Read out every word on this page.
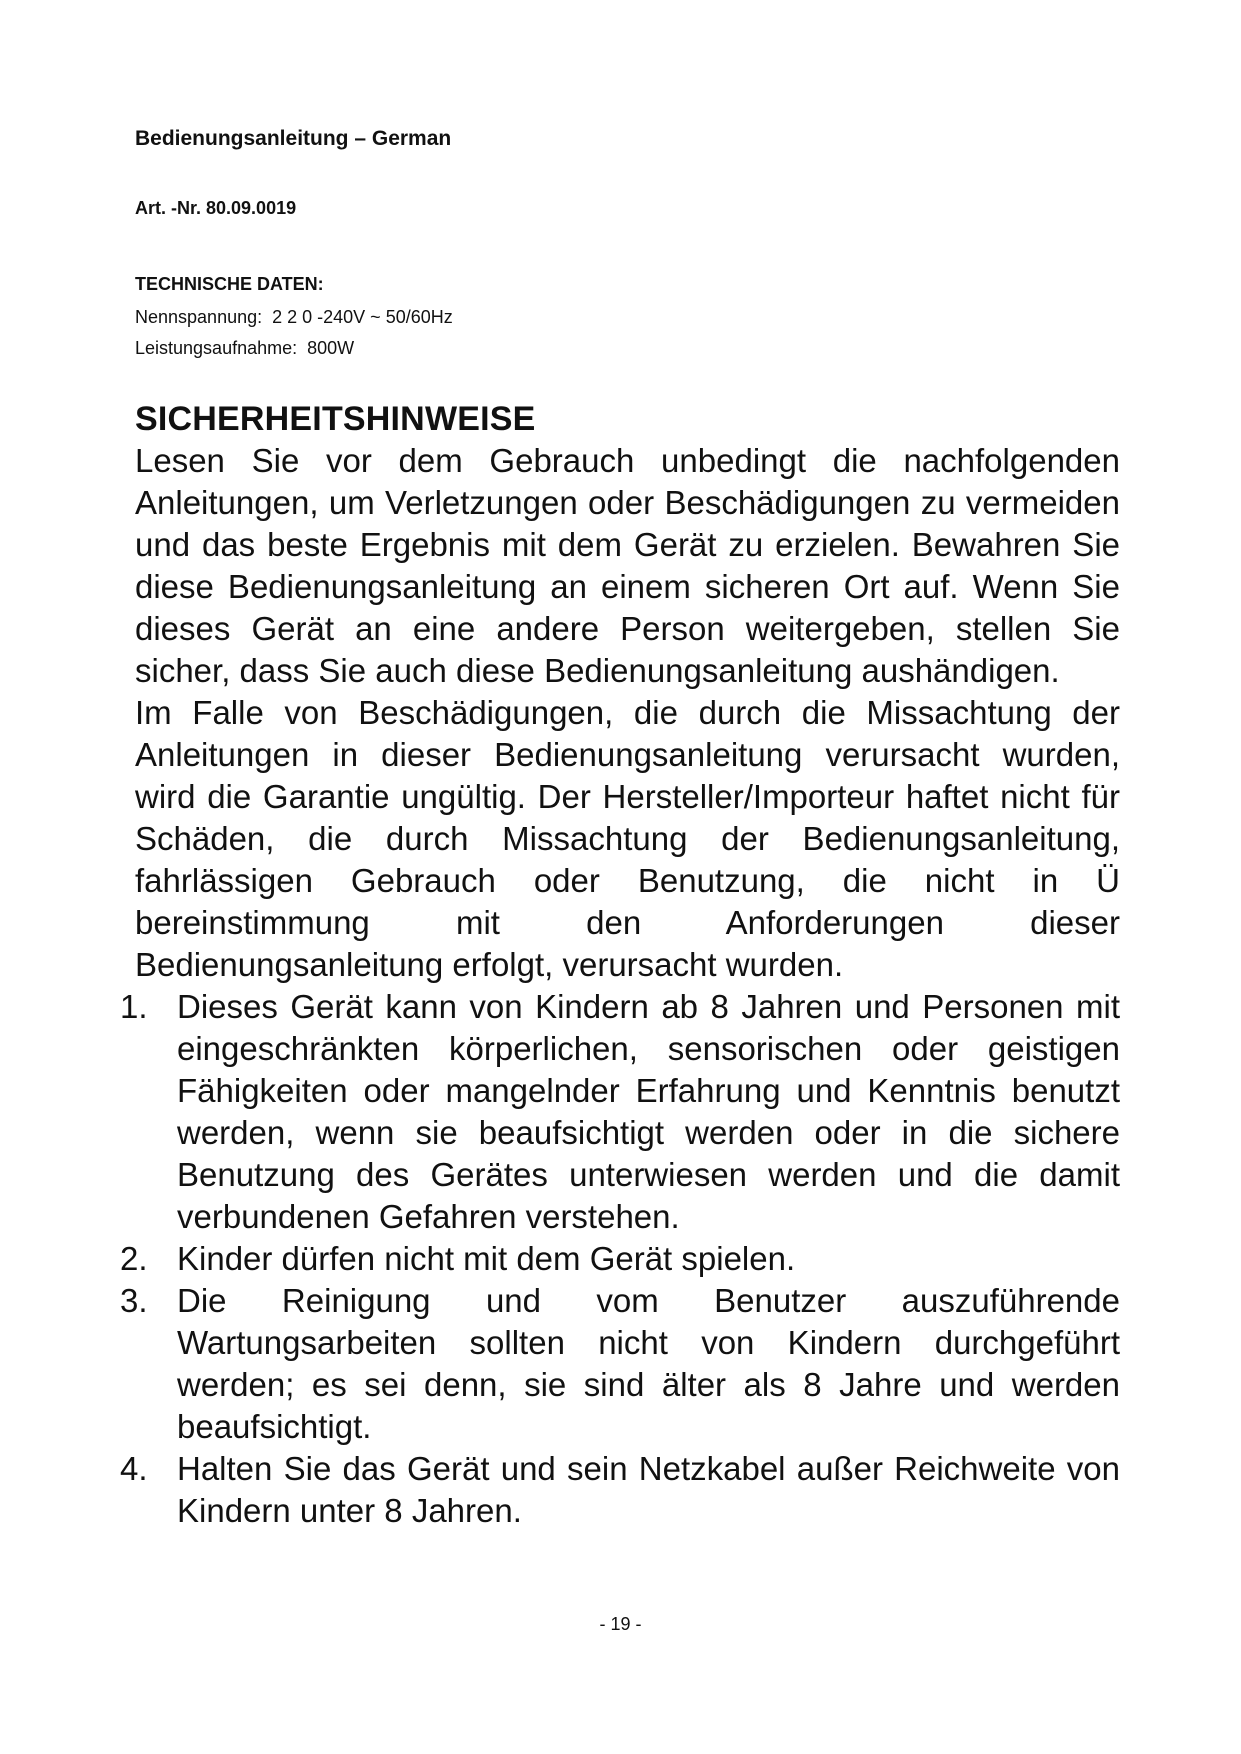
Bedienungsanleitung – German

Art. -Nr. 80.09.0019

TECHNISCHE DATEN:

Nennspannung: 2 2 0 -240V ~ 50/60Hz

Leistungsaufnahme: 800W

SICHERHEITSHINWEISE

Lesen Sie vor dem Gebrauch unbedingt die nachfolgenden Anleitungen, um Verletzungen oder Beschädigungen zu vermeiden und das beste Ergebnis mit dem Gerät zu erzielen. Bewahren Sie diese Bedienungsanleitung an einem sicheren Ort auf. Wenn Sie dieses Gerät an eine andere Person weitergeben, stellen Sie sicher, dass Sie auch diese Bedienungsanleitung aushändigen.

Im Falle von Beschädigungen, die durch die Missachtung der Anleitungen in dieser Bedienungsanleitung verursacht wurden, wird die Garantie ungültig. Der Hersteller/Importeur haftet nicht für Schäden, die durch Missachtung der Bedienungsanleitung, fahrlässigen Gebrauch oder Benutzung, die nicht in Ü bereinstimmung mit den Anforderungen dieser Bedienungsanleitung erfolgt, verursacht wurden.

1. Dieses Gerät kann von Kindern ab 8 Jahren und Personen mit eingeschränkten körperlichen, sensorischen oder geistigen Fähigkeiten oder mangelnder Erfahrung und Kenntnis benutzt werden, wenn sie beaufsichtigt werden oder in die sichere Benutzung des Gerätes unterwiesen werden und die damit verbundenen Gefahren verstehen.
2. Kinder dürfen nicht mit dem Gerät spielen.
3. Die Reinigung und vom Benutzer auszuführende Wartungsarbeiten sollten nicht von Kindern durchgeführt werden; es sei denn, sie sind älter als 8 Jahre und werden beaufsichtigt.
4. Halten Sie das Gerät und sein Netzkabel außer Reichweite von Kindern unter 8 Jahren.
- 19 -
